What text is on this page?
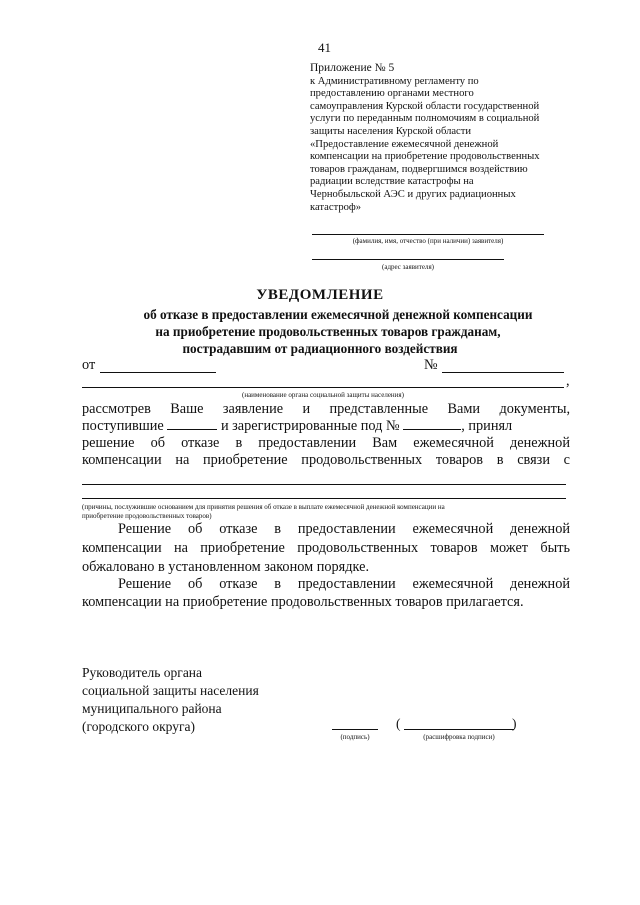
41
Приложение № 5
к Административному регламенту по
предоставлению органами местного
самоуправления Курской области государственной
услуги по переданным полномочиям в социальной
защиты населения Курской области
«Предоставление ежемесячной денежной
компенсации на приобретение продовольственных
товаров гражданам, подвергшимся воздействию
радиации вследствие катастрофы на
Чернобыльской АЭС и других радиационных
катастроф»
(фамилия, имя, отчество (при наличии) заявителя)
(адрес заявителя)
УВЕДОМЛЕНИЕ
об отказе в предоставлении ежемесячной денежной компенсации
на приобретение продовольственных товаров гражданам,
пострадавшим от радиационного воздействия
от	№
,
(наименование органа социальной защиты населения)
рассмотрев Ваше заявление и представленные Вами документы,
поступившие	и зарегистрированные под №	, принял
решение об отказе в предоставлении Вам ежемесячной денежной
компенсации на приобретение продовольственных товаров в связи с
(причины, послужившие основанием для принятия решения об отказе в выплате ежемесячной денежной компенсации на
приобретение продовольственных товаров)
Решение об отказе в предоставлении ежемесячной денежной
компенсации на приобретение продовольственных товаров может быть
обжаловано в установленном законом порядке.
Решение об отказе в предоставлении ежемесячной денежной
компенсации на приобретение продовольственных товаров прилагается.
Руководитель органа
социальной защиты населения
муниципального района
(городского округа)
(подпись)
(	)
(расшифровка подписи)
